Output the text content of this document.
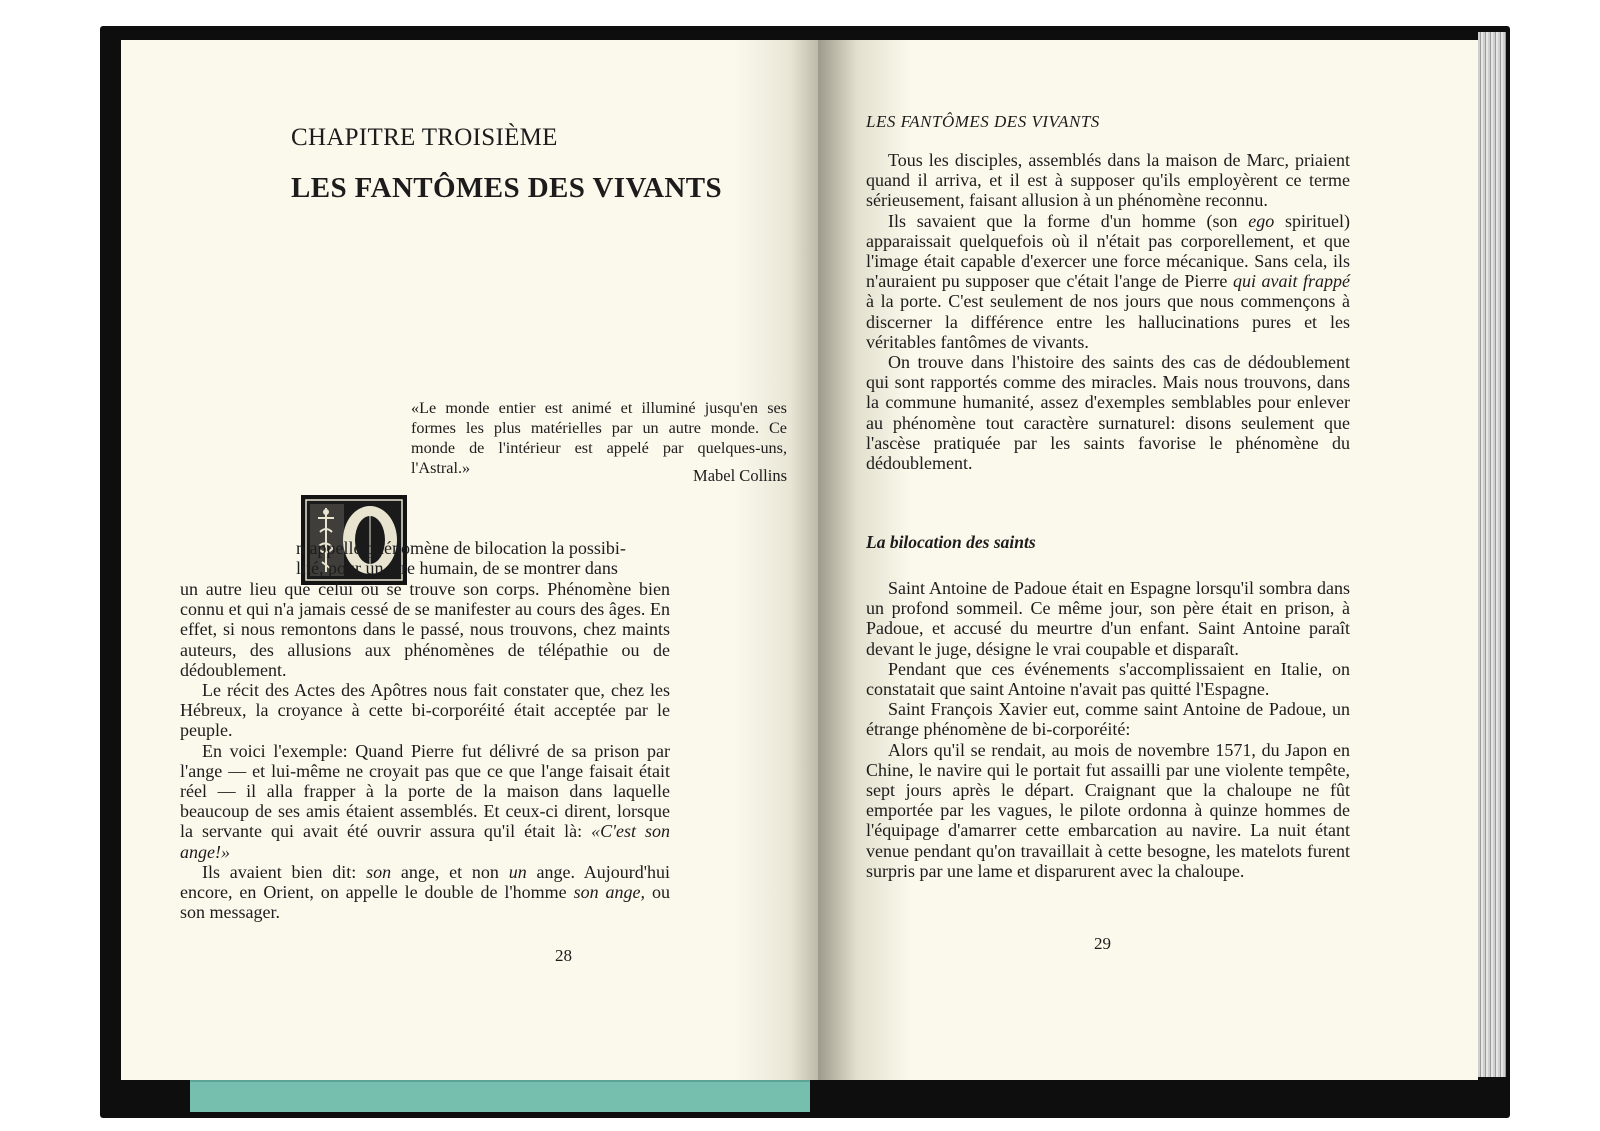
CHAPITRE TROISIÈME
LES FANTÔMES DES VIVANTS

«Le monde entier est animé et illuminé jusqu'en ses formes les plus matérielles par un autre monde. Ce monde de l'intérieur est appelé par quelques-uns, l'Astral.»	Mabel Collins

n appelle phénomène de bilocation la possibi-

lité, pour un être humain, de se montrer dans

un autre lieu que celui où se trouve son corps. Phénomène bien connu et qui n'a jamais cessé de se manifester au cours des âges. En effet, si nous remontons dans le passé, nous trouvons, chez maints auteurs, des allusions aux phénomènes de télépathie ou de dédoublement.

Le récit des Actes des Apôtres nous fait constater que, chez les Hébreux, la croyance à cette bi-corporéité était acceptée par le peuple.

En voici l'exemple: Quand Pierre fut délivré de sa prison par l'ange — et lui-même ne croyait pas que ce que l'ange faisait était réel — il alla frapper à la porte de la maison dans laquelle beaucoup de ses amis étaient assemblés. Et ceux-ci dirent, lorsque la servante qui avait été ouvrir assura qu'il était là: «C'est son ange!»

Ils avaient bien dit: son ange, et non un ange. Aujourd'hui encore, en Orient, on appelle le double de l'homme son ange, ou son messager.

28
LES FANTÔMES DES VIVANTS

Tous les disciples, assemblés dans la maison de Marc, priaient quand il arriva, et il est à supposer qu'ils employèrent ce terme sérieusement, faisant allusion à un phénomène reconnu.

Ils savaient que la forme d'un homme (son ego spirituel) apparaissait quelquefois où il n'était pas corporellement, et que l'image était capable d'exercer une force mécanique. Sans cela, ils n'auraient pu supposer que c'était l'ange de Pierre qui avait frappé à la porte. C'est seulement de nos jours que nous commençons à discerner la différence entre les hallucinations pures et les véritables fantômes de vivants.

On trouve dans l'histoire des saints des cas de dédoublement qui sont rapportés comme des miracles. Mais nous trouvons, dans la commune humanité, assez d'exemples semblables pour enlever au phénomène tout caractère surnaturel: disons seulement que l'ascèse pratiquée par les saints favorise le phénomène du dédoublement.

La bilocation des saints

Saint Antoine de Padoue était en Espagne lorsqu'il sombra dans un profond sommeil. Ce même jour, son père était en prison, à Padoue, et accusé du meurtre d'un enfant. Saint Antoine paraît devant le juge, désigne le vrai coupable et disparaît.

Pendant que ces événements s'accomplissaient en Italie, on constatait que saint Antoine n'avait pas quitté l'Espagne.

Saint François Xavier eut, comme saint Antoine de Padoue, un étrange phénomène de bi-corporéité:

Alors qu'il se rendait, au mois de novembre 1571, du Japon en Chine, le navire qui le portait fut assailli par une violente tempête, sept jours après le départ. Craignant que la chaloupe ne fût emportée par les vagues, le pilote ordonna à quinze hommes de l'équipage d'amarrer cette embarcation au navire. La nuit étant venue pendant qu'on travaillait à cette besogne, les matelots furent surpris par une lame et disparurent avec la chaloupe.

29
